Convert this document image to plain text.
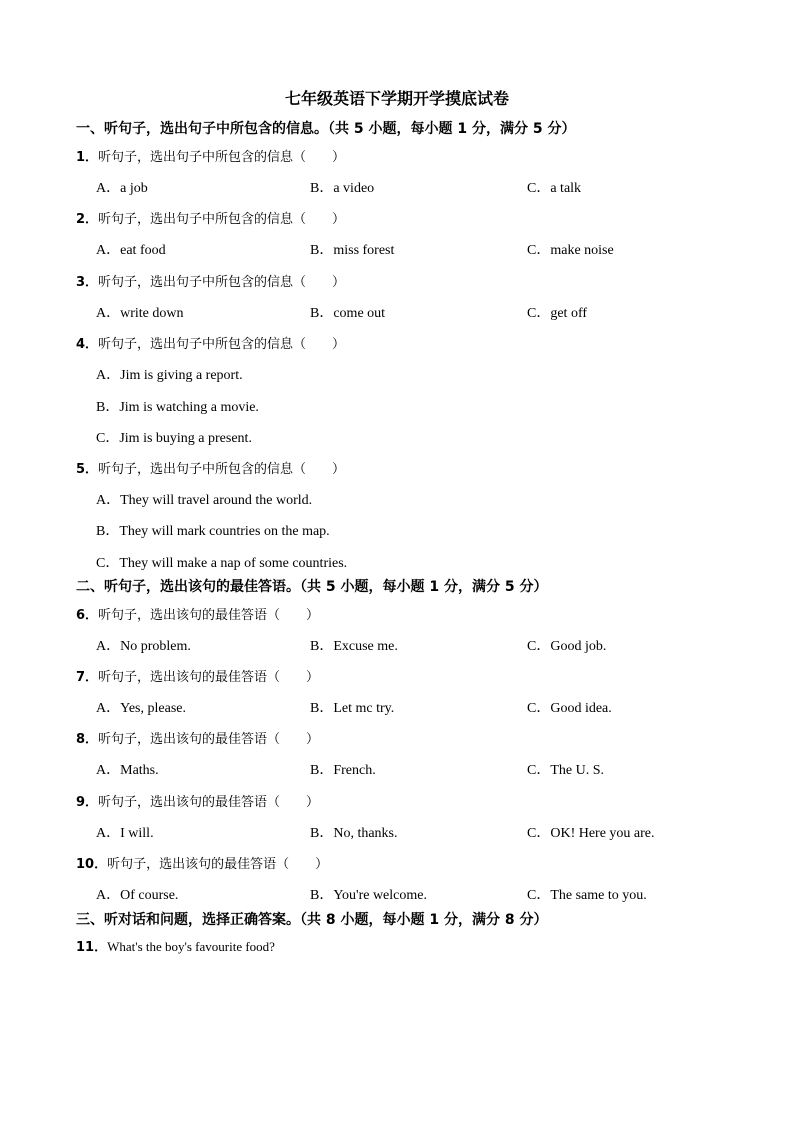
七年级英语下学期开学摸底试卷
一、听句子，选出句子中所包含的信息。（共 5 小题，每小题 1 分，满分 5 分）
1．听句子，选出句子中所包含的信息（　　）
A．a job	B．a video	C．a talk
2．听句子，选出句子中所包含的信息（　　）
A．eat food	B．miss forest	C．make noise
3．听句子，选出句子中所包含的信息（　　）
A．write down	B．come out	C．get off
4．听句子，选出句子中所包含的信息（　　）
A．Jim is giving a report.
B．Jim is watching a movie.
C．Jim is buying a present.
5．听句子，选出句子中所包含的信息（　　）
A．They will travel around the world.
B．They will mark countries on the map.
C．They will make a nap of some countries.
二、听句子，选出该句的最佳答语。（共 5 小题，每小题 1 分，满分 5 分）
6．听句子，选出该句的最佳答语（　　）
A．No problem.	B．Excuse me.	C．Good job.
7．听句子，选出该句的最佳答语（　　）
A．Yes, please.	B．Let mc try.	C．Good idea.
8．听句子，选出该句的最佳答语（　　）
A．Maths.	B．French.	C．The U. S.
9．听句子，选出该句的最佳答语（　　）
A．I will.	B．No, thanks.	C．OK! Here you are.
10．听句子，选出该句的最佳答语（　　）
A．Of course.	B．You're welcome.	C．The same to you.
三、听对话和问题，选择正确答案。（共 8 小题，每小题 1 分，满分 8 分）
11．What's the boy's favourite food?
